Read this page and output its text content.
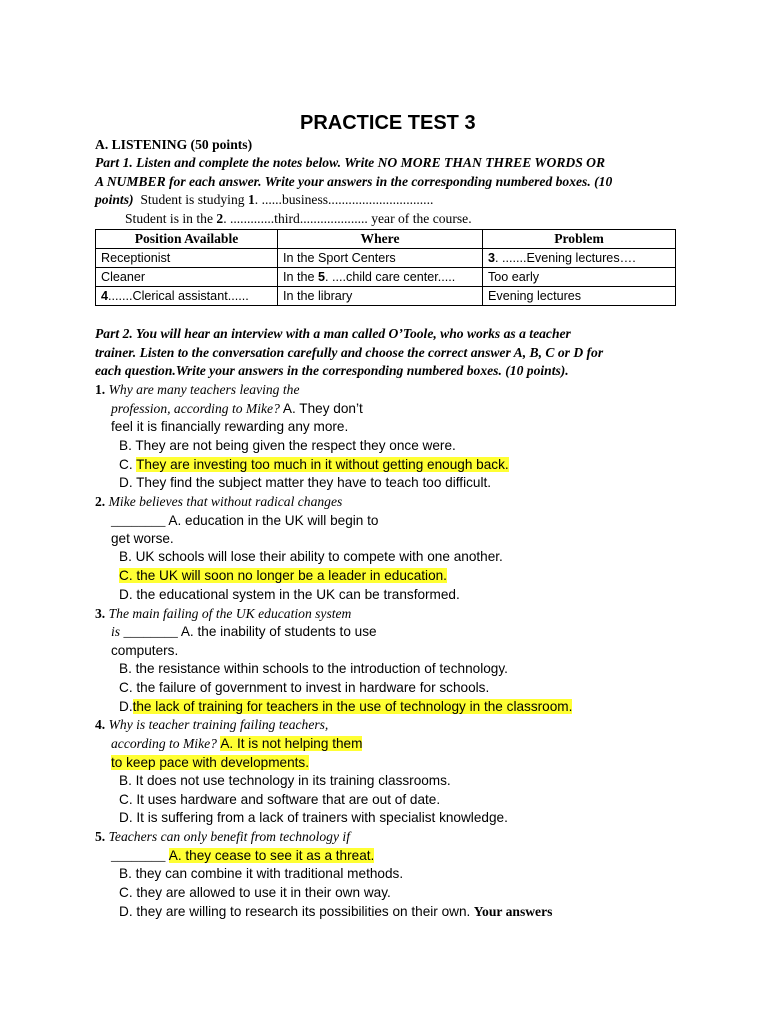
PRACTICE TEST 3
A. LISTENING (50 points)
Part 1. Listen and complete the notes below. Write NO MORE THAN THREE WORDS OR
A NUMBER for each answer. Write your answers in the corresponding numbered boxes. (10
points) Student is studying 1. ......business...............................
Student is in the 2. .............third.................... year of the course.
Position Available	Where	Problem
Receptionist	In the Sport Centers	3. .......Evening lectures….
Cleaner	In the 5. ....child care center.....	Too early
4.......Clerical assistant......	In the library	Evening lectures
Part 2. You will hear an interview with a man called O’Toole, who works as a teacher
trainer. Listen to the conversation carefully and choose the correct answer A, B, C or D for
each question.Write your answers in the corresponding numbered boxes. (10 points).
1. Why are many teachers leaving the
profession, according to Mike? A. They don’t
feel it is financially rewarding any more.
B. They are not being given the respect they once were.
C. They are investing too much in it without getting enough back.
D. They find the subject matter they have to teach too difficult.
2. Mike believes that without radical changes
________ A. education in the UK will begin to
get worse.
B. UK schools will lose their ability to compete with one another.
C. the UK will soon no longer be a leader in education.
D. the educational system in the UK can be transformed.
3. The main failing of the UK education system
is ________ A. the inability of students to use
computers.
B. the resistance within schools to the introduction of technology.
C. the failure of government to invest in hardware for schools.
D.the lack of training for teachers in the use of technology in the classroom.
4. Why is teacher training failing teachers,
according to Mike? A. It is not helping them
to keep pace with developments.
B. It does not use technology in its training classrooms.
C. It uses hardware and software that are out of date.
D. It is suffering from a lack of trainers with specialist knowledge.
5. Teachers can only benefit from technology if
________ A. they cease to see it as a threat.
B. they can combine it with traditional methods.
C. they are allowed to use it in their own way.
D. they are willing to research its possibilities on their own. Your answers
